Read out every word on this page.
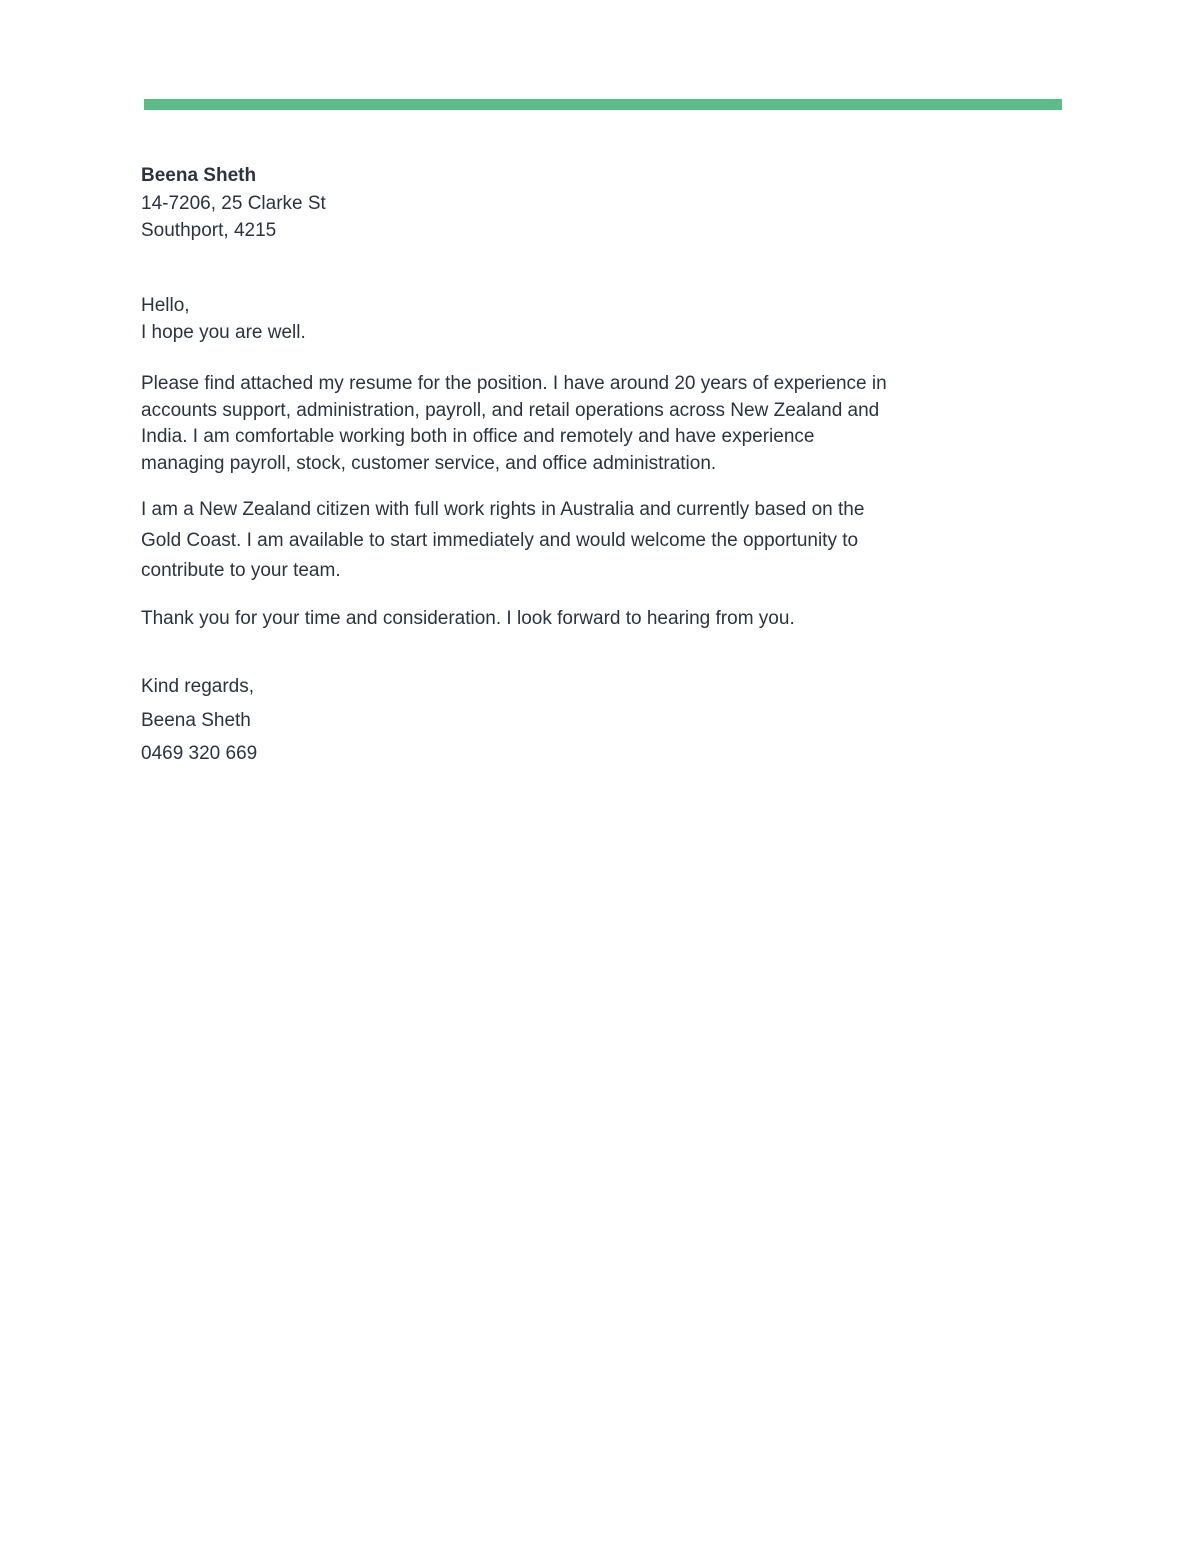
Beena Sheth

14-7206, 25 Clarke St

Southport, 4215

Hello,

I hope you are well.

Please find attached my resume for the position. I have around 20 years of experience in accounts support, administration, payroll, and retail operations across New Zealand and India. I am comfortable working both in office and remotely and have experience managing payroll, stock, customer service, and office administration.

I am a New Zealand citizen with full work rights in Australia and currently based on the Gold Coast. I am available to start immediately and would welcome the opportunity to contribute to your team.

Thank you for your time and consideration. I look forward to hearing from you.

Kind regards,

Beena Sheth

0469 320 669
